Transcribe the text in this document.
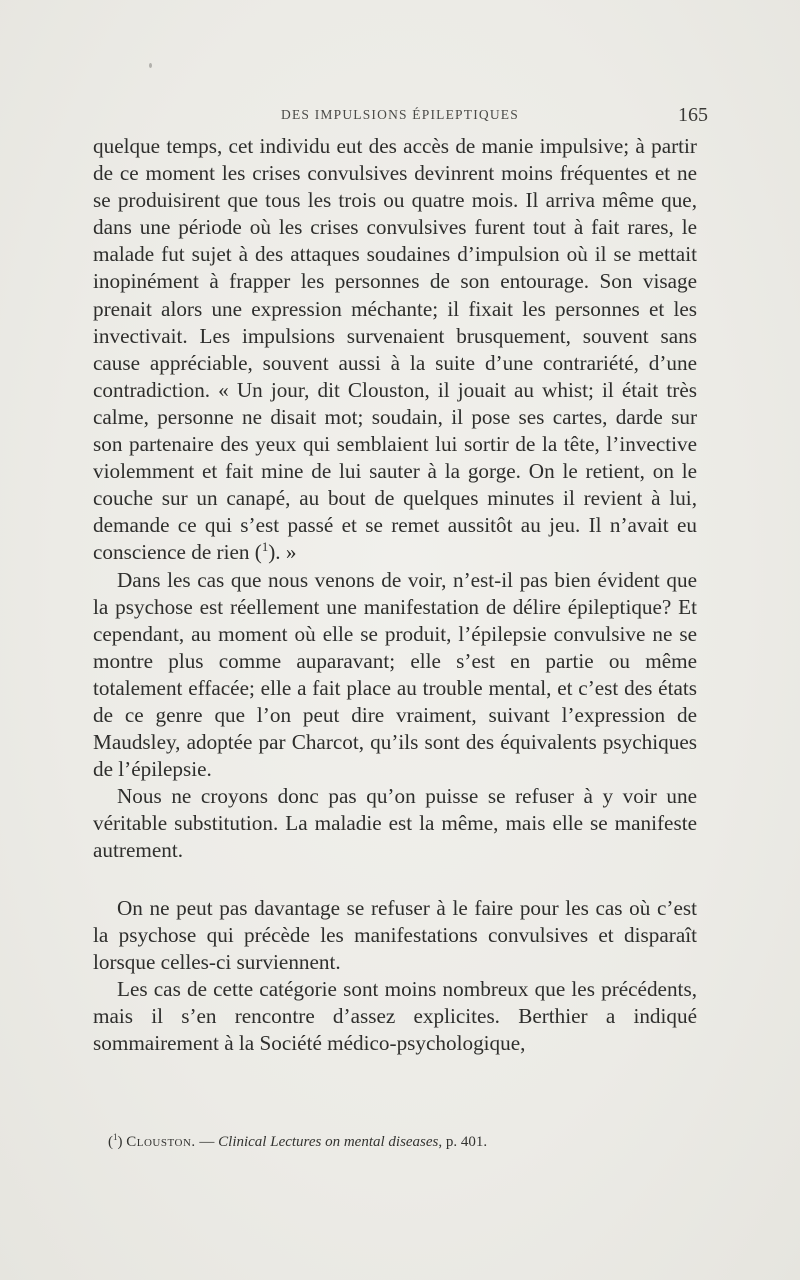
DES IMPULSIONS ÉPILEPTIQUES	165

quelque temps, cet individu eut des accès de manie impulsive; à partir de ce moment les crises convulsives devinrent moins fréquentes et ne se produisirent que tous les trois ou quatre mois. Il arriva même que, dans une période où les crises convulsives furent tout à fait rares, le malade fut sujet à des attaques soudaines d’impulsion où il se mettait inopinément à frapper les personnes de son entourage. Son visage prenait alors une expression méchante; il fixait les personnes et les invectivait. Les impulsions survenaient brusquement, souvent sans cause appréciable, souvent aussi à la suite d’une contrariété, d’une contradiction. « Un jour, dit Clouston, il jouait au whist; il était très calme, personne ne disait mot; soudain, il pose ses cartes, darde sur son partenaire des yeux qui semblaient lui sortir de la tête, l’invective violemment et fait mine de lui sauter à la gorge. On le retient, on le couche sur un canapé, au bout de quelques minutes il revient à lui, demande ce qui s’est passé et se remet aussitôt au jeu. Il n’avait eu conscience de rien ($^1$). »

Dans les cas que nous venons de voir, n’est-il pas bien évident que la psychose est réellement une manifestation de délire épileptique? Et cependant, au moment où elle se produit, l’épilepsie convulsive ne se montre plus comme auparavant; elle s’est en partie ou même totalement effacée; elle a fait place au trouble mental, et c’est des états de ce genre que l’on peut dire vraiment, suivant l’expression de Maudsley, adoptée par Charcot, qu’ils sont des équivalents psychiques de l’épilepsie.

Nous ne croyons donc pas qu’on puisse se refuser à y voir une véritable substitution. La maladie est la même, mais elle se manifeste autrement.

On ne peut pas davantage se refuser à le faire pour les cas où c’est la psychose qui précède les manifestations convulsives et disparaît lorsque celles-ci surviennent.

Les cas de cette catégorie sont moins nombreux que les précédents, mais il s’en rencontre d’assez explicites. Berthier a indiqué sommairement à la Société médico-psychologique,

($^1$) Clouston. — Clinical Lectures on mental diseases, p. 401.
